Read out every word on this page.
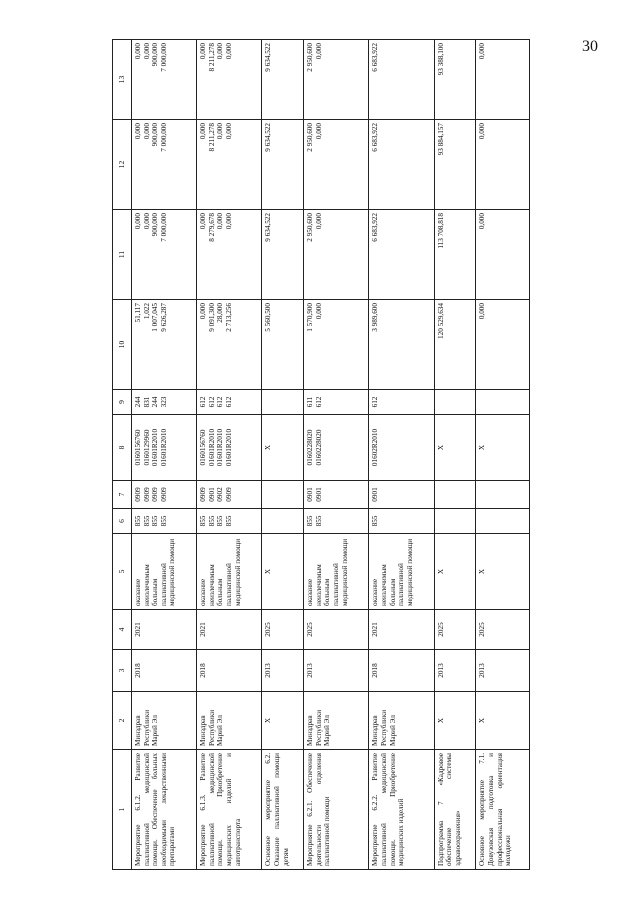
30
1	2	3	4	5	6	7	8	9	10	11	12	13
Мероприятие 6.1.2. Развитие паллиативной медицинской помощи. Обеспечение больных необходимыми лекарственными препаратами	Минздрав Республики Марий Эл	2018	2021	оказание неизлечимым больным паллиативной медицинской помощи	855 855 855 855	0909 0909 0909 0909	0160156760 0160129960 01601R2010 01601R2010	244 831 244 323	51,117 1,022 1 007,045 9 626,287	0,000 0,000 900,000 7 000,000	0,000 0,000 900,000 7 000,000	0,000 0,000 900,000 7 000,000

Мероприятие 6.1.3. Развитие паллиативной медицинской помощи. Приобретение медицинских изделий и автотранспорта	Минздрав Республики Марий Эл	2018	2021	оказание неизлечимым больным паллиативной медицинской помощи	855 855 855 855	0909 0901 0902 0909	0160156760 01601R2010 01601R2010 01601R2010	612 612 612 612	0,000 9 091,300 28,000 2 713,256	0,000 8 279,678 0,000 0,000	0,000 8 211,278 0,000 0,000	0,000 8 211,278 0,000 0,000

Основное мероприятие 6.2. Оказание паллиативной помощи детям	X	2013	2025	X			X		5 560,500	9 634,522	9 634,522	9 634,522

Мероприятие 6.2.1. Обеспечение деятельности отделения паллиативной помощи	Минздрав Республики Марий Эл	2013	2025	оказание неизлечимым больным паллиативной медицинской помощи	855 855	0901 0901	0160228020 0160228020	611 612	1 570,900 0,000	2 950,600 0,000	2 950,600 0,000	2 950,600 0,000

Мероприятие 6.2.2. Развитие паллиативной медицинской помощи. Приобретение медицинских изделий	Минздрав Республики Марий Эл	2018	2021	оказание неизлечимым больным паллиативной медицинской помощи	855	0901	01602R2010	612	3 989,600	6 683,922	6 683,922	6 683,922

Подпрограмма 7 «Кадровое обеспечение системы здравоохранения»	X	2013	2025	X			X		120 529,634	113 708,818	93 884,157	93 388,100

Основное мероприятие 7.1. Довузовская подготовка и профессиональная ориентация молодежи	X	2013	2025	X			X		0,000	0,000	0,000	0,000
